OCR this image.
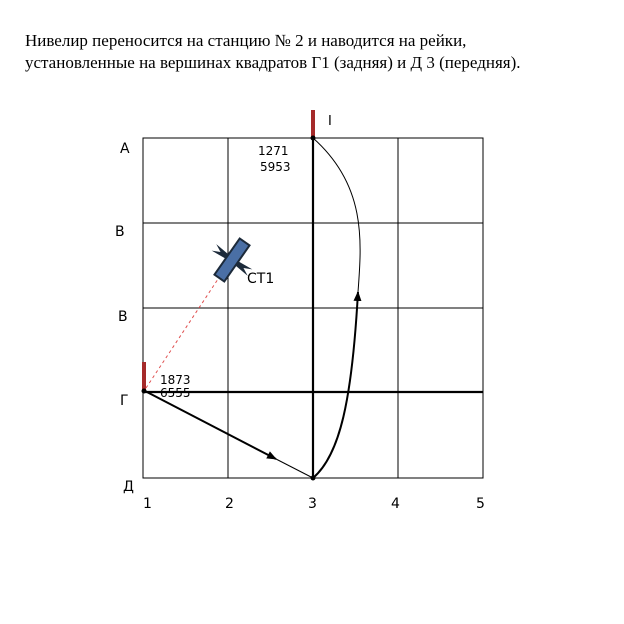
Нивелир переносится на станцию № 2 и наводится на рейки,

установленные на вершинах квадратов Г1 (задняя) и Д 3 (передняя).

А
В
В
Г
Д
1	2	3	4	5
I
1271
5953
1873
6555
СТ1
